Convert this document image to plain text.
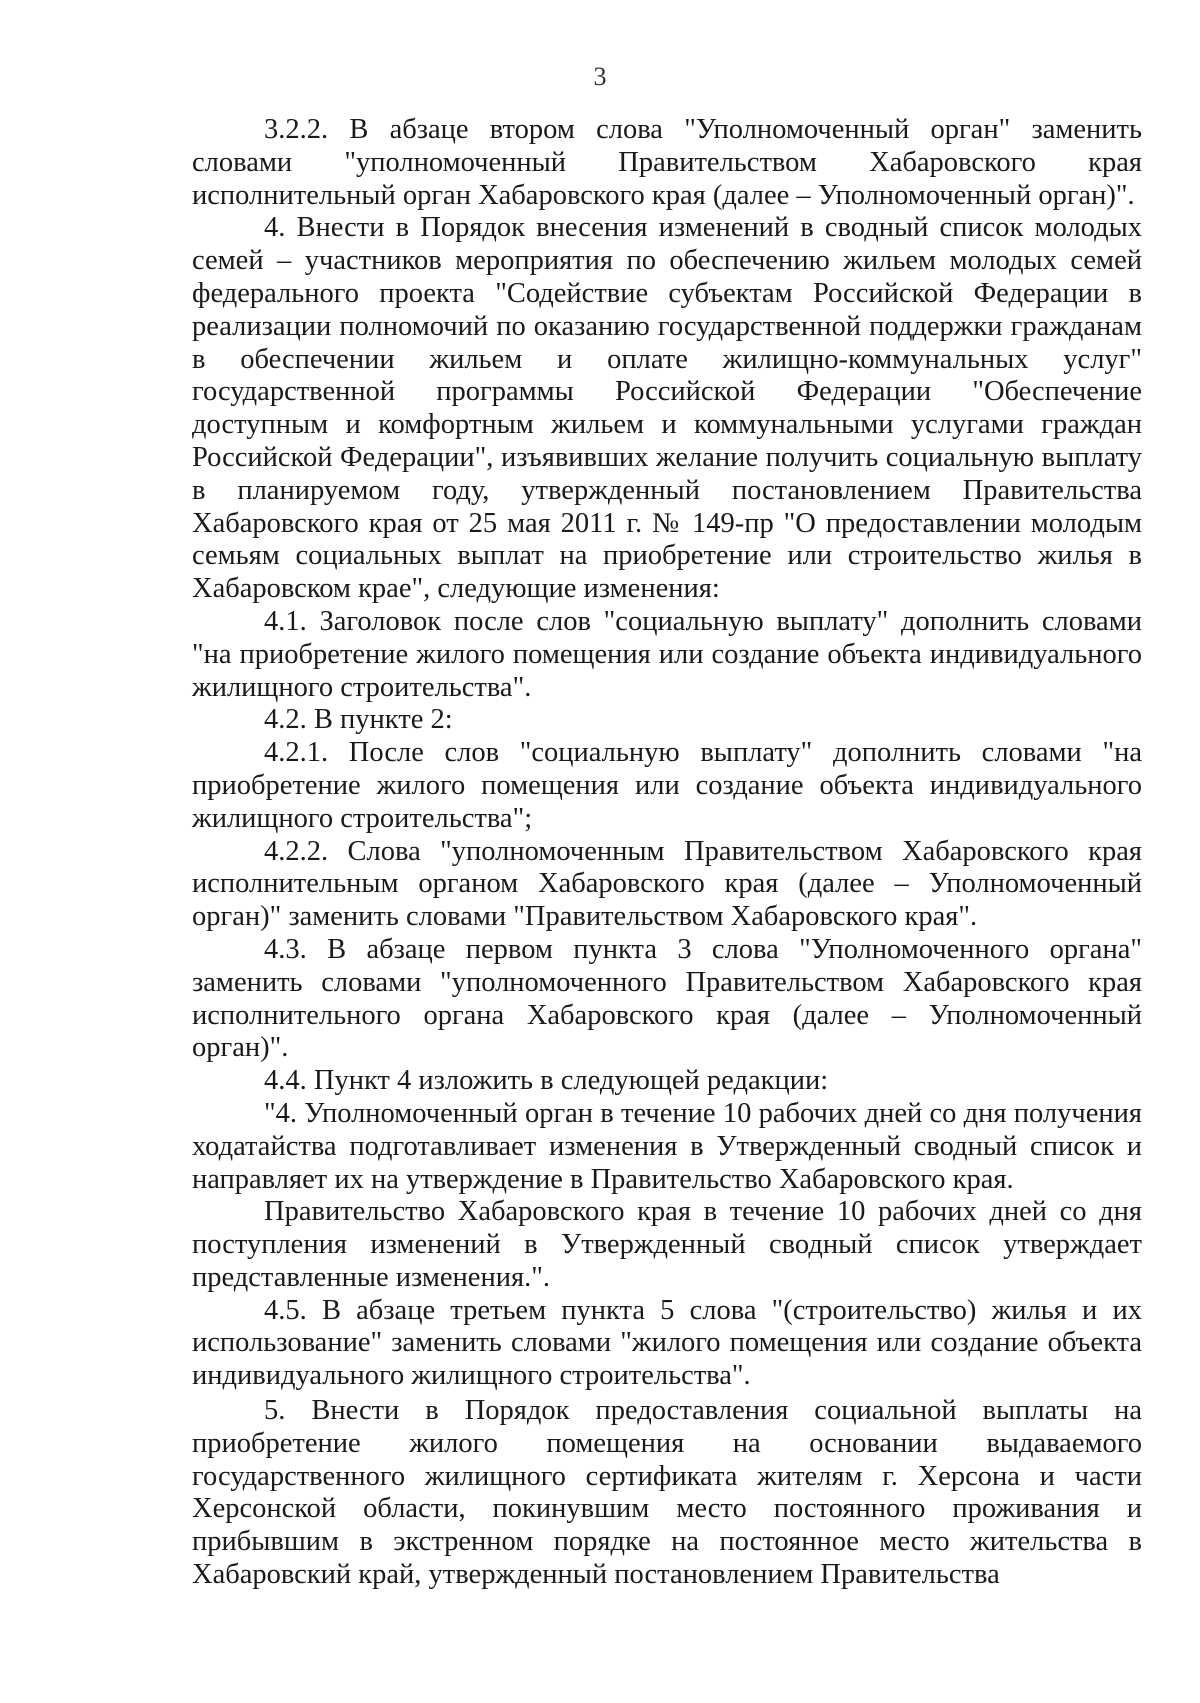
3

3.2.2. В абзаце втором слова "Уполномоченный орган" заменить словами "уполномоченный Правительством Хабаровского края исполнительный орган Хабаровского края (далее – Уполномоченный орган)".

4. Внести в Порядок внесения изменений в сводный список молодых семей – участников мероприятия по обеспечению жильем молодых семей федерального проекта "Содействие субъектам Российской Федерации в реализации полномочий по оказанию государственной поддержки гражданам в обеспечении жильем и оплате жилищно-коммунальных услуг" государственной программы Российской Федерации "Обеспечение доступным и комфортным жильем и коммунальными услугами граждан Российской Федерации", изъявивших желание получить социальную выплату в планируемом году, утвержденный постановлением Правительства Хабаровского края от 25 мая 2011 г. № 149-пр "О предоставлении молодым семьям социальных выплат на приобретение или строительство жилья в Хабаровском крае", следующие изменения:

4.1. Заголовок после слов "социальную выплату" дополнить словами "на приобретение жилого помещения или создание объекта индивидуального жилищного строительства".

4.2. В пункте 2:

4.2.1. После слов "социальную выплату" дополнить словами "на приобретение жилого помещения или создание объекта индивидуального жилищного строительства";

4.2.2. Слова "уполномоченным Правительством Хабаровского края исполнительным органом Хабаровского края (далее – Уполномоченный орган)" заменить словами "Правительством Хабаровского края".

4.3. В абзаце первом пункта 3 слова "Уполномоченного органа" заменить словами "уполномоченного Правительством Хабаровского края исполнительного органа Хабаровского края (далее – Уполномоченный орган)".

4.4. Пункт 4 изложить в следующей редакции:

"4. Уполномоченный орган в течение 10 рабочих дней со дня получения ходатайства подготавливает изменения в Утвержденный сводный список и направляет их на утверждение в Правительство Хабаровского края.

Правительство Хабаровского края в течение 10 рабочих дней со дня поступления изменений в Утвержденный сводный список утверждает представленные изменения.".

4.5. В абзаце третьем пункта 5 слова "(строительство) жилья и их использование" заменить словами "жилого помещения или создание объекта индивидуального жилищного строительства".

5. Внести в Порядок предоставления социальной выплаты на приобретение жилого помещения на основании выдаваемого государственного жилищного сертификата жителям г. Херсона и части Херсонской области, покинувшим место постоянного проживания и прибывшим в экстренном порядке на постоянное место жительства в Хабаровский край, утвержденный постановлением Правительства
